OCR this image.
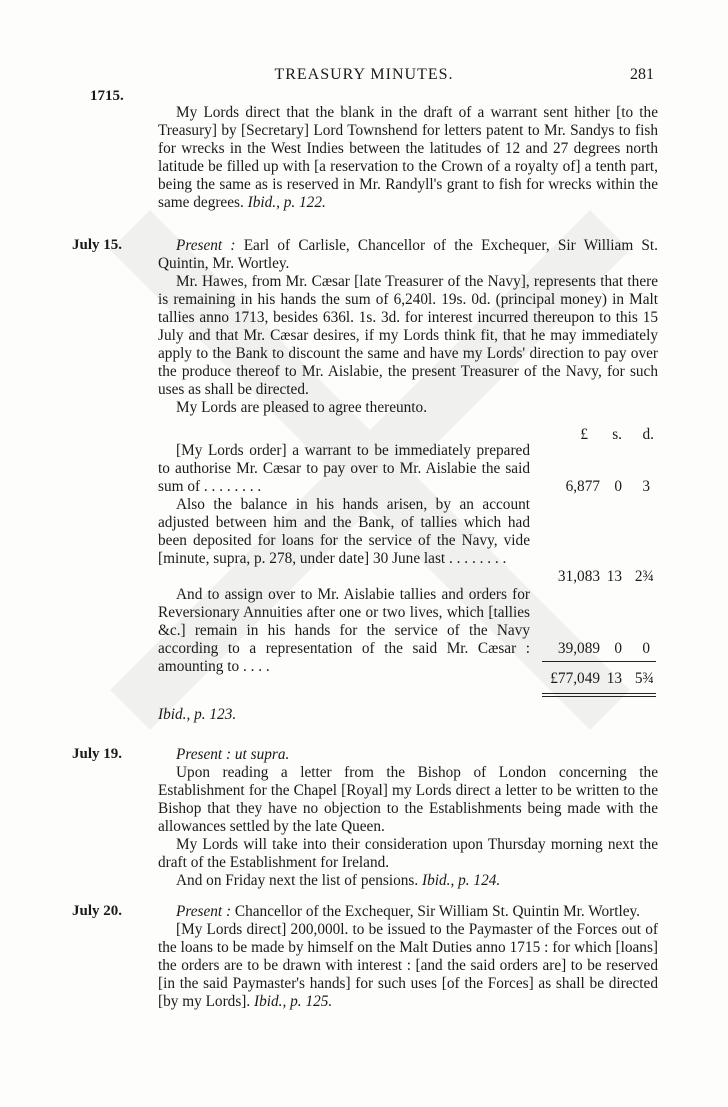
TREASURY MINUTES.	281
1715.

My Lords direct that the blank in the draft of a warrant sent hither [to the Treasury] by [Secretary] Lord Townshend for letters patent to Mr. Sandys to fish for wrecks in the West Indies between the latitudes of 12 and 27 degrees north latitude be filled up with [a reservation to the Crown of a royalty of] a tenth part, being the same as is reserved in Mr. Randyll's grant to fish for wrecks within the same degrees. Ibid., p. 122.

July 15.	Present : Earl of Carlisle, Chancellor of the Exchequer, Sir William St. Quintin, Mr. Wortley.

Mr. Hawes, from Mr. Cæsar [late Treasurer of the Navy], represents that there is remaining in his hands the sum of 6,240l. 19s. 0d. (principal money) in Malt tallies anno 1713, besides 636l. 1s. 3d. for interest incurred thereupon to this 15 July and that Mr. Cæsar desires, if my Lords think fit, that he may immediately apply to the Bank to discount the same and have my Lords' direction to pay over the produce thereof to Mr. Aislabie, the present Treasurer of the Navy, for such uses as shall be directed.

My Lords are pleased to agree thereunto.

£	s.	d.

[My Lords order] a warrant to be immediately prepared to authorise Mr. Cæsar to pay over to Mr. Aislabie the said sum of . . . . . . . .	6,877 0	3

Also the balance in his hands arisen, by an account adjusted between him and the Bank, of tallies which had been deposited for loans for the service of the Navy, vide [minute, supra, p. 278, under date] 30 June last . . . . . . . .

31,083 13 2¾

And to assign over to Mr. Aislabie tallies and orders for Reversionary Annuities after one or two lives, which [tallies &c.] remain in his hands for the service of the Navy according to a representation of the said Mr. Cæsar : amounting to . . . .

39,089 0	0
£77,049 13 5¾
Ibid., p. 123.
July 19.	Present : ut supra.

Upon reading a letter from the Bishop of London concerning the Establishment for the Chapel [Royal] my Lords direct a letter to be written to the Bishop that they have no objection to the Establishments being made with the allowances settled by the late Queen.

My Lords will take into their consideration upon Thursday morning next the draft of the Establishment for Ireland.

And on Friday next the list of pensions. Ibid., p. 124.

July 20.	Present : Chancellor of the Exchequer, Sir William St. Quintin Mr. Wortley.

[My Lords direct] 200,000l. to be issued to the Paymaster of the Forces out of the loans to be made by himself on the Malt Duties anno 1715 : for which [loans] the orders are to be drawn with interest : [and the said orders are] to be reserved [in the said Paymaster's hands] for such uses [of the Forces] as shall be directed [by my Lords]. Ibid., p. 125.
